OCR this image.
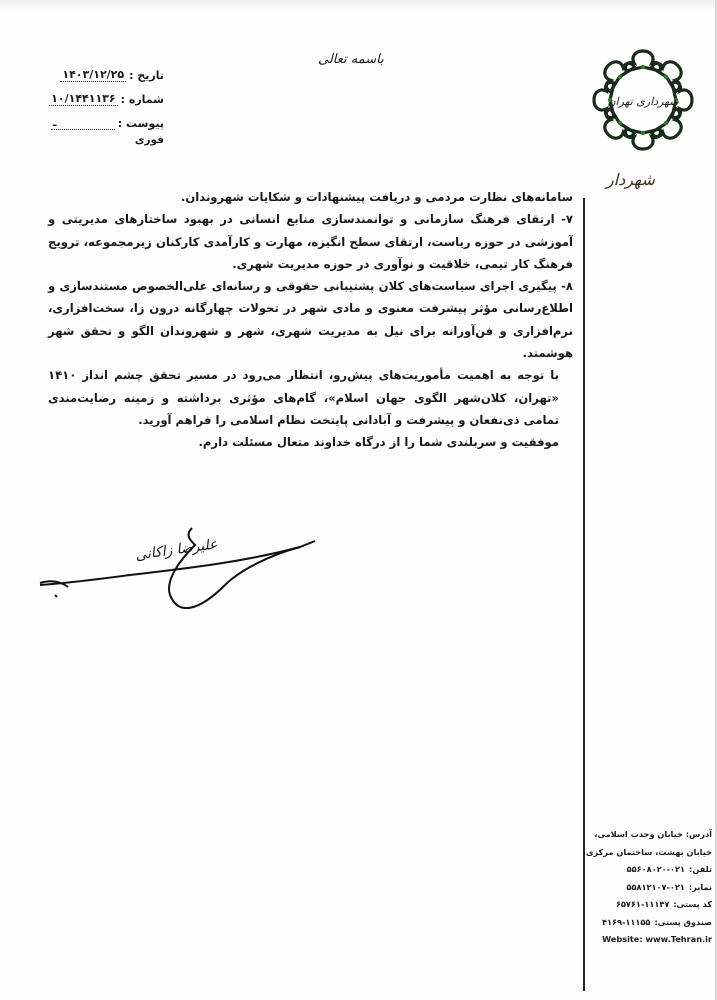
باسمه تعالی
تاریخ :
۱۴۰۳/۱۲/۲۵
شماره :
۱۰/۱۴۴۱۱۳۶
پیوست :
ـ
فوری
شهرداری تهران
شهردار

سامانه‌های نظارت مردمی و دریافت پیشنهادات و شکایات شهروندان.

۷- ارتقای فرهنگ سازمانی و توانمندسازی منابع انسانی در بهبود ساختارهای مدیریتی و آموزشی در حوزه ریاست، ارتقای سطح انگیزه، مهارت و کارآمدی کارکنان زیرمجموعه، ترویج فرهنگ کار تیمی، خلاقیت و نوآوری در حوزه مدیریت شهری.

۸- پیگیری اجرای سیاست‌های کلان پشتیبانی حقوقی و رسانه‌ای علی‌الخصوص مستندسازی و اطلاع‌رسانی مؤثر پیشرفت معنوی و مادی شهر در تحولات چهارگانه درون زا، سخت‌افزاری، نرم‌افزاری و فن‌آورانه برای نیل به مدیریت شهری، شهر و شهروندان الگو و تحقق شهر هوشمند.

با توجه به اهمیت مأموریت‌های پیش‌رو، انتظار می‌رود در مسیر تحقق چشم انداز ۱۴۱۰ «تهران، کلان‌شهر الگوی جهان اسلام»، گام‌های مؤثری برداشته و زمینه رضایت‌مندی تمامی ذی‌نفعان و پیشرفت و آبادانی پایتخت نظام اسلامی را فراهم آورید.

موفقیت و سربلندی شما را از درگاه خداوند متعال مسئلت دارم.

علیرضا زاکانی
آدرس: خیابان وحدت اسلامی،
خیابان بهشت، ساختمان مرکزی
تلفن:۰۲۱-۵۵۶۰۸۰۲۰
نمابر:۰۲۱-۵۵۸۱۲۱۰۷
کد پستی:۱۱۱۴۷-۶۵۷۶۱
صندوق پستی:۱۱۱۵۵-۴۱۶۹
Website: www.Tehran.ir
